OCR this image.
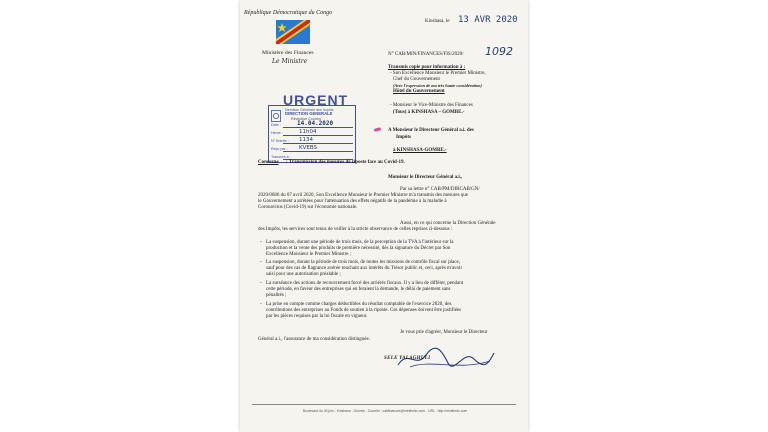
République Démocratique du Congo
Ministère des Finances
Le Ministre
Kinshasa, le 13 AVR 2020
N° CAB/MIN/FINANCES/FIS/2020/ 1092
Transmis copie pour information à :
- Son Excellence Monsieur le Premier Ministre,
Chef du Gouvernement
(Avec l'expression de ma très haute considération)
Hôtel du Gouvernement
- Monsieur le Vice-Ministre des Finances
(Tous) à KINSHASA – GOMBE.-
A Monsieur le Directeur Général a.i. des
Impôts
à KINSHASA-GOMBE.-
URGENT
Direction Générale des Impôts
DIRECTION GENERALE
Réception Courrier
Date :	14.04.2020
Heure :	11h04
N° Entrée : 1134
Reçu par : KVEBS
Transmis à :
Concerne : Transmission des mesures de riposte face au Covid-19.
Monsieur le Directeur Général a.i.,
Par sa lettre n° CAB/PM/DIRCAB/GN/
2020/0686 du 07 avril 2020, Son Excellence Monsieur le Premier Ministre m'a transmis des mesures que
le Gouvernement a arrêtées pour l'atténuation des effets négatifs de la pandémie à la maladie à
Coronavirus (Covid-19) sur l'économie nationale.
Aussi, en ce qui concerne la Direction Générale
des Impôts, les services sont tenus de veiller à la stricte observance de celles reprises ci-dessous :
- La suspension, durant une période de trois mois, de la perception de la TVA à l'intérieur sur la
production et la vente des produits de première nécessité, dès la signature du Décret par Son
Excellence Monsieur le Premier Ministre ;
- La suspension, durant la période de trois mois, de toutes les missions de contrôle fiscal sur place,
sauf pour des cas de flagrance avérée touchant aux intérêts du Trésor public et, ceci, après m'avoir
saisi pour une autorisation préalable ;
- La surséance des actions de recouvrement forcé des arriérés fiscaux. Il y a lieu de différer, pendant
cette période, en faveur des entreprises qui en feraient la demande, le délai de paiement sans
pénalités ;
- La prise en compte comme charges déductibles du résultat comptable de l'exercice 2020, des
contributions des entreprises au Fonds de soutien à la riposte. Ces dépenses doivent être justifiées
par les pièces requises par la loi fiscale en vigueur.
Je vous prie d'agréer, Monsieur le Directeur
Général a.i., l'assurance de ma considération distinguée.
SELE YALAGHULI
Boulevard du 30 juin - Kinshasa - Gombe - Courriel : cabfinances@minfinrdc.com - URL : http://minfinrdc.com
